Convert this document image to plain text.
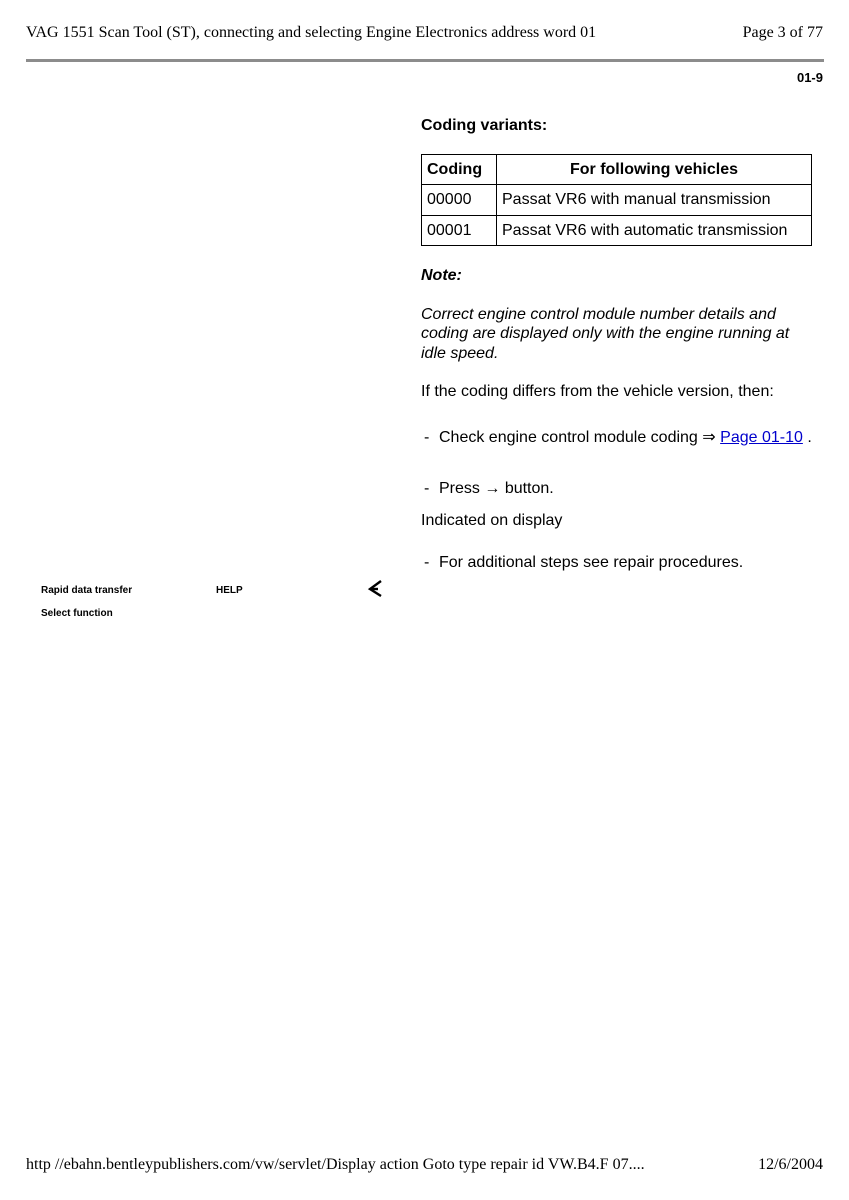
VAG 1551 Scan Tool (ST), connecting and selecting Engine Electronics address word 01	Page 3 of 77
01-9
Coding variants:
Coding	For following vehicles
00000	Passat VR6 with manual transmission
00001	Passat VR6 with automatic transmission
Note:
Correct engine control module number details and coding are displayed only with the engine running at idle speed.
If the coding differs from the vehicle version, then:
- Check engine control module coding ⇒ Page 01-10 .
- Press → button.
Indicated on display
- For additional steps see repair procedures.
Rapid data transfer	HELP
Select function
http //ebahn.bentleypublishers.com/vw/servlet/Display action Goto type repair id VW.B4.F 07....	12/6/2004
